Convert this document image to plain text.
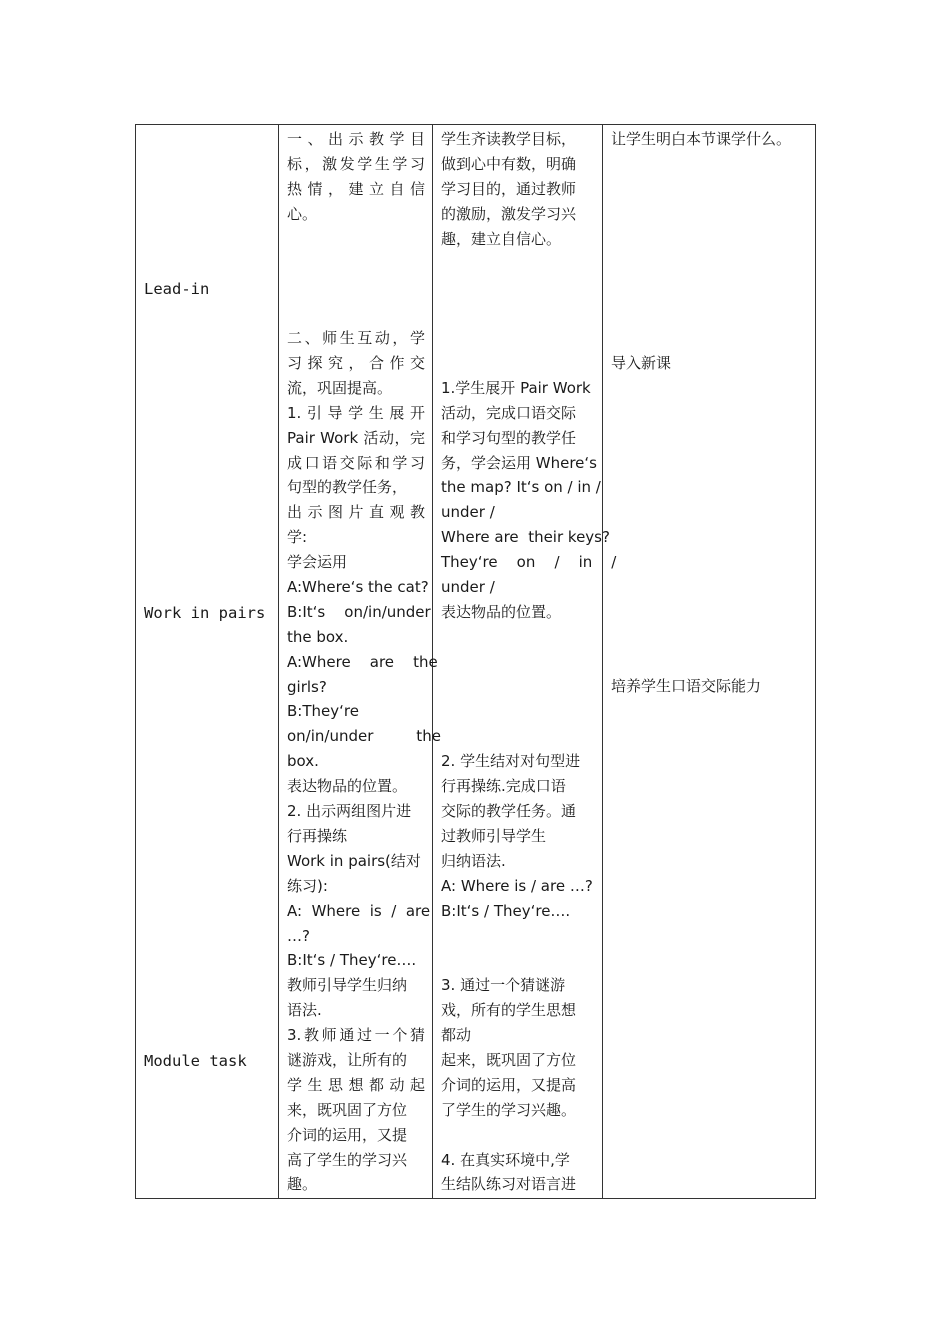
Lead-in
Work in pairs
Module task
一、出示教学目
标，激发学生学习
热情，建立自信
心。
二、师生互动，学
习探究，合作交
流，巩固提高。
1.引导学生展开
Pair Work 活动，完
成口语交际和学习
句型的教学任务，
出示图片直观教
学:
学会运用
A:Where‘s the cat?
B:It‘s    on/in/under
the box.
A:Where    are    the
girls?
B:They‘re
on/in/under         the
box.
表达物品的位置。
2. 出示两组图片进
行再操练
Work in pairs(结对
练习):
A:  Where  is  /  are
…?
B:It‘s / They‘re….
教师引导学生归纳
语法.
3.教师通过一个猜
谜游戏，让所有的
学生思想都动起
来，既巩固了方位
介词的运用，又提
高了学生的学习兴
趣。
学生齐读教学目标，
做到心中有数，明确
学习目的，通过教师
的激励，激发学习兴
趣，建立自信心。
1.学生展开 Pair Work
活动，完成口语交际
和学习句型的教学任
务，学会运用 Where‘s
the map? It‘s on / in /
under /
Where are  their keys?
They‘re    on    /    in    /
under /
表达物品的位置。
2. 学生结对对句型进
行再操练.完成口语
交际的教学任务。通
过教师引导学生
归纳语法.
A: Where is / are …?
B:It‘s / They‘re….
3. 通过一个猜谜游
戏，所有的学生思想
都动
起来，既巩固了方位
介词的运用，又提高
了学生的学习兴趣。
4. 在真实环境中,学
生结队练习对语言进
让学生明白本节课学什么。
导入新课
培养学生口语交际能力
